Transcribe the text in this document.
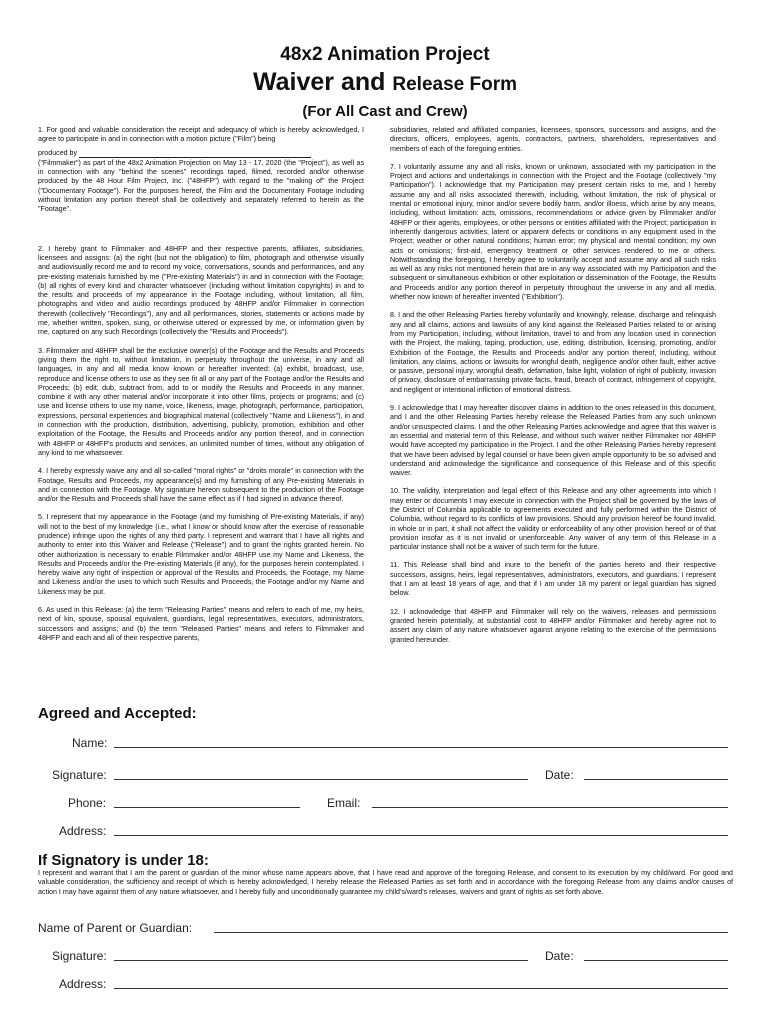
48x2 Animation Project
Waiver and Release Form
(For All Cast and Crew)

1. For good and valuable consideration the receipt and adequacy of which is hereby acknowledged, I agree to participate in and in connection with a motion picture ("Film") being

produced by

("Filmmaker") as part of the 48x2 Animation Projection on May 13 - 17, 2020 (the "Project"), as well as in connection with any "behind the scenes" recordings taped, filmed, recorded and/or otherwise produced by the 48 Hour Film Project, Inc. ("48HFP") with regard to the "making of" the Project ("Documentary Footage"). For the purposes hereof, the Film and the Documentary Footage including without limitation any portion thereof shall be collectively and separately referred to herein as the "Footage".

2. I hereby grant to Filmmaker and 48HFP and their respective parents, affiliates, subsidiaries, licensees and assigns: (a) the right (but not the obligation) to film, photograph and otherwise visually and audiovisually record me and to record my voice, conversations, sounds and performances, and any pre-existing materials furnished by me ("Pre-existing Materials") in and in connection with the Footage; (b) all rights of every kind and character whatsoever (including without limitation copyrights) in and to the results and proceeds of my appearance in the Footage including, without limitation, all film, photographs and video and audio recordings produced by 48HFP and/or Filmmaker in connection therewith (collectively "Recordings"), any and all performances, stories, statements or actions made by me, whether written, spoken, sung, or otherwise uttered or expressed by me, or information given by me, captured on any such Recordings (collectively the "Results and Proceeds").

3. Filmmaker and 48HFP shall be the exclusive owner(s) of the Footage and the Results and Proceeds giving them the right to, without limitation, in perpetuity throughout the universe, in any and all languages, in any and all media know known or hereafter invented: (a) exhibit, broadcast, use, reproduce and license others to use as they see fit all or any part of the Footage and/or the Results and Proceeds; (b) edit, dub, subtract from, add to or modify the Results and Proceeds in any manner, combine it with any other material and/or incorporate it into other films, projects or programs; and (c) use and license others to use my name, voice, likeness, image, photograph, performance, participation, expressions, personal experiences and biographical material (collectively "Name and Likeness"), in and in connection with the production, distribution, advertising, publicity, promotion, exhibition and other exploitation of the Footage, the Results and Proceeds and/or any portion thereof, and in connection with 48HFP or 48HFP's products and services, an unlimited number of times, without any obligation of any kind to me whatsoever.

4. I hereby expressly waive any and all so-called "moral rights" or "droits morale" in connection with the Footage, Results and Proceeds, my appearance(s) and my furnishing of any Pre-existing Materials in and in connection with the Footage. My signature hereon subsequent to the production of the Footage and/or the Results and Proceeds shall have the same effect as if I had signed in advance thereof.

5. I represent that my appearance in the Footage (and my furnishing of Pre-existing Materials, if any) will not to the best of my knowledge (i.e., what I know or should know after the exercise of reasonable prudence) infringe upon the rights of any third party. I represent and warrant that I have all rights and authority to enter into this Waiver and Release ("Release") and to grant the rights granted herein. No other authorization is necessary to enable Filmmaker and/or 48HFP use my Name and Likeness, the Results and Proceeds and/or the Pre-existing Materials (if any), for the purposes herein contemplated. I hereby waive any right of inspection or approval of the Results and Proceeds, the Footage, my Name and Likeness and/or the uses to which such Results and Proceeds, the Footage and/or my Name and Likeness may be put.

6. As used in this Release: (a) the term "Releasing Parties" means and refers to each of me, my heirs, next of kin, spouse, spousal equivalent, guardians, legal representatives, executors, administrators, successors and assigns; and (b) the term "Released Parties" means and refers to Filmmaker and 48HFP and each and all of their respective parents,

subsidiaries, related and affiliated companies, licensees, sponsors, successors and assigns, and the directors, officers, employees, agents, contractors, partners, shareholders, representatives and members of each of the foregoing entities.

7. I voluntarily assume any and all risks, known or unknown, associated with my participation in the Project and actions and undertakings in connection with the Project and the Footage (collectively "my Participation"). I acknowledge that my Participation may present certain risks to me, and I hereby assume any and all risks associated therewith, including, without limitation, the risk of physical or mental or emotional injury, minor and/or severe bodily harm, and/or illness, which arise by any means, including, without limitation: acts, omissions, recommendations or advice given by Filmmaker and/or 48HFP or their agents, employees, or other persons or entities affiliated with the Project; participation in inherently dangerous activities, latent or apparent defects or conditions in any equipment used in the Project; weather or other natural conditions; human error; my physical and mental condition; my own acts or omissions; first-aid, emergency treatment or other services rendered to me or others. Notwithstanding the foregoing, I hereby agree to voluntarily accept and assume any and all such risks as well as any risks not mentioned herein that are in any way associated with my Participation and the subsequent or simultaneous exhibition or other exploitation or dissemination of the Footage, the Results and Proceeds and/or any portion thereof in perpetuity throughout the universe in any and all media, whether now known of hereafter invented ("Exhibition").

8. I and the other Releasing Parties hereby voluntarily and knowingly, release, discharge and relinquish any and all claims, actions and lawsuits of any kind against the Released Parties related to or arising from my Participation, including, without limitation, travel to and from any location used in connection with the Project, the making, taping, production, use, editing, distribution, licensing, promoting, and/or Exhibition of the Footage, the Results and Proceeds and/or any portion thereof, including, without limitation, any claims, actions or lawsuits for wrongful death, negligence and/or other fault, either active or passive, personal injury, wrongful death, defamation, false light, violation of right of publicity, invasion of privacy, disclosure of embarrassing private facts, fraud, breach of contract, infringement of copyright, and negligent or intentional infliction of emotional distress.

9. I acknowledge that I may hereafter discover claims in addition to the ones released in this document, and I and the other Releasing Parties hereby release the Released Parties from any such unknown and/or unsuspected claims. I and the other Releasing Parties acknowledge and agree that this waiver is an essential and material term of this Release, and without such waiver neither Filmmaker nor 48HFP would have accepted my participation in the Project. I and the other Releasing Parties hereby represent that we have been advised by legal counsel or have been given ample opportunity to be so advised and understand and acknowledge the significance and consequence of this Release and of this specific waiver.

10. The validity, interpretation and legal effect of this Release and any other agreements into which I may enter or documents I may execute in connection with the Project shall be governed by the laws of the District of Columbia applicable to agreements executed and fully performed within the District of Columbia, without regard to its conflicts of law provisions. Should any provision hereof be found invalid, in whole or in part, it shall not affect the validity or enforceability of any other provision hereof or of that provision insofar as it is not invalid or unenforceable. Any waiver of any term of this Release in a particular instance shall not be a waiver of such term for the future.

11. This Release shall bind and inure to the benefit of the parties hereto and their respective successors, assigns, heirs, legal representatives, administrators, executors, and guardians. I represent that I am at least 18 years of age, and that if I am under 18 my parent or legal guardian has signed below.

12. I acknowledge that 48HFP and Filmmaker will rely on the waivers, releases and permissions granted herein potentially, at substantial cost to 48HFP and/or Filmmaker and hereby agree not to assert any claim of any nature whatsoever against anyone relating to the exercise of the permissions granted hereunder.

Agreed and Accepted:
Name:
Signature:	Date:
Phone:	Email:
Address:
If Signatory is under 18:
I represent and warrant that I am the parent or guardian of the minor whose name appears above, that I have read and approve of the foregoing Release, and consent to its execution by my child/ward. For good and valuable consideration, the sufficiency and receipt of which is hereby acknowledged, I hereby release the Released Parties as set forth and in accordance with the foregoing Release from any claims and/or causes of action I may have against them of any nature whatsoever, and I hereby fully and unconditionally guarantee my child's/ward's releases, waivers and grant of rights as set forth above.
Name of Parent or Guardian:
Signature:	Date:
Address:
